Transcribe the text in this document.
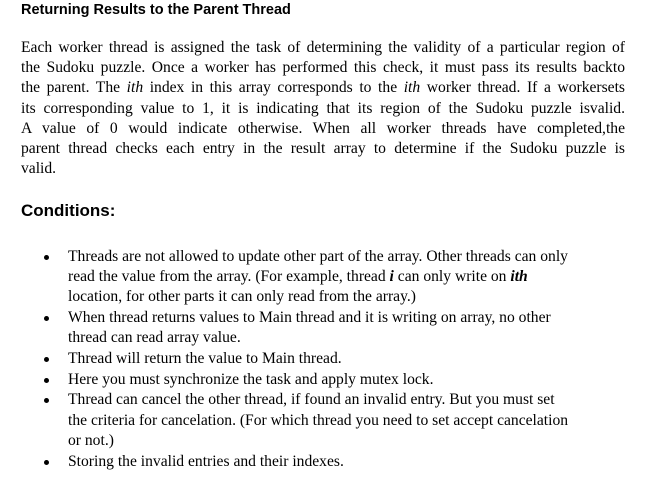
Returning Results to the Parent Thread
Each worker thread is assigned the task of determining the validity of a particular region of
the Sudoku puzzle. Once a worker has performed this check, it must pass its results backto
the parent. The ith index in this array corresponds to the ith worker thread. If a workersets
its corresponding value to 1, it is indicating that its region of the Sudoku puzzle isvalid.
A value of 0 would indicate otherwise. When all worker threads have completed,the
parent thread checks each entry in the result array to determine if the Sudoku puzzle is
valid.
Conditions:
Threads are not allowed to update other part of the array. Other threads can only
read the value from the array. (For example, thread i can only write on ith
location, for other parts it can only read from the array.)
When thread returns values to Main thread and it is writing on array, no other
thread can read array value.
Thread will return the value to Main thread.
Here you must synchronize the task and apply mutex lock.
Thread can cancel the other thread, if found an invalid entry. But you must set
the criteria for cancelation. (For which thread you need to set accept cancelation
or not.)
Storing the invalid entries and their indexes.
